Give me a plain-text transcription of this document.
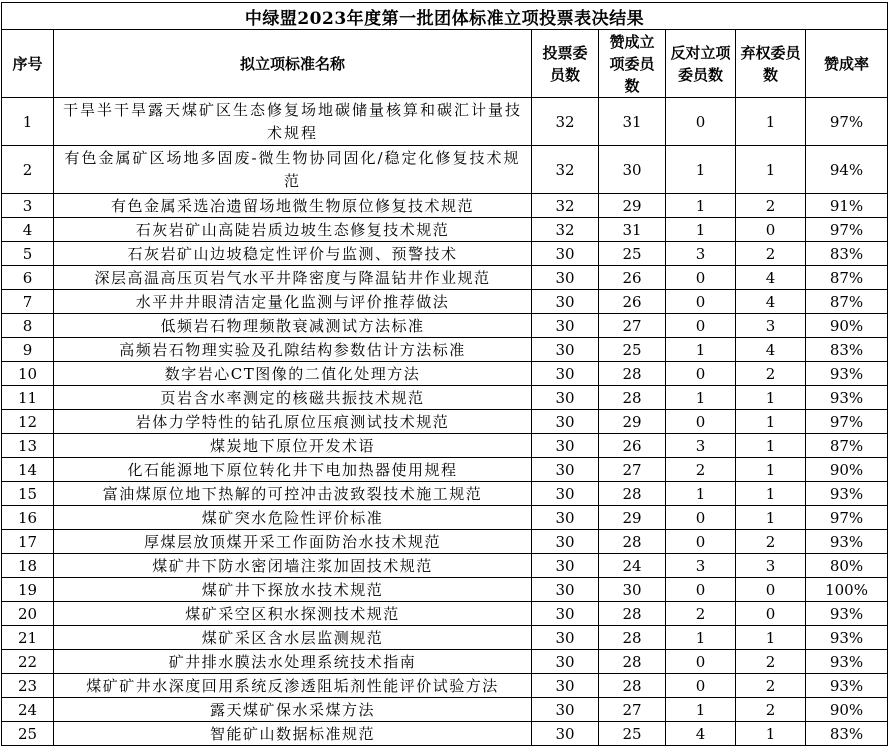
中绿盟2023年度第一批团体标准立项投票表决结果						
序号	拟立项标准名称	投票委员数	赞成立项委员数	反对立项委员数	弃权委员数	赞成率
1	干旱半干旱露天煤矿区生态修复场地碳储量核算和碳汇计量技术规程	32	31	0	1	97%
2	有色金属矿区场地多固废-微生物协同固化/稳定化修复技术规范	32	30	1	1	94%
3	有色金属采选冶遗留场地微生物原位修复技术规范	32	29	1	2	91%
4	石灰岩矿山高陡岩质边坡生态修复技术规范	32	31	1	0	97%
5	石灰岩矿山边坡稳定性评价与监测、预警技术	30	25	3	2	83%
6	深层高温高压页岩气水平井降密度与降温钻井作业规范	30	26	0	4	87%
7	水平井井眼清洁定量化监测与评价推荐做法	30	26	0	4	87%
8	低频岩石物理频散衰减测试方法标准	30	27	0	3	90%
9	高频岩石物理实验及孔隙结构参数估计方法标准	30	25	1	4	83%
10	数字岩心CT图像的二值化处理方法	30	28	0	2	93%
11	页岩含水率测定的核磁共振技术规范	30	28	1	1	93%
12	岩体力学特性的钻孔原位压痕测试技术规范	30	29	0	1	97%
13	煤炭地下原位开发术语	30	26	3	1	87%
14	化石能源地下原位转化井下电加热器使用规程	30	27	2	1	90%
15	富油煤原位地下热解的可控冲击波致裂技术施工规范	30	28	1	1	93%
16	煤矿突水危险性评价标准	30	29	0	1	97%
17	厚煤层放顶煤开采工作面防治水技术规范	30	28	0	2	93%
18	煤矿井下防水密闭墙注浆加固技术规范	30	24	3	3	80%
19	煤矿井下探放水技术规范	30	30	0	0	100%
20	煤矿采空区积水探测技术规范	30	28	2	0	93%
21	煤矿采区含水层监测规范	30	28	1	1	93%
22	矿井排水膜法水处理系统技术指南	30	28	0	2	93%
23	煤矿矿井水深度回用系统反渗透阻垢剂性能评价试验方法	30	28	0	2	93%
24	露天煤矿保水采煤方法	30	27	1	2	90%
25	智能矿山数据标准规范	30	25	4	1	83%
